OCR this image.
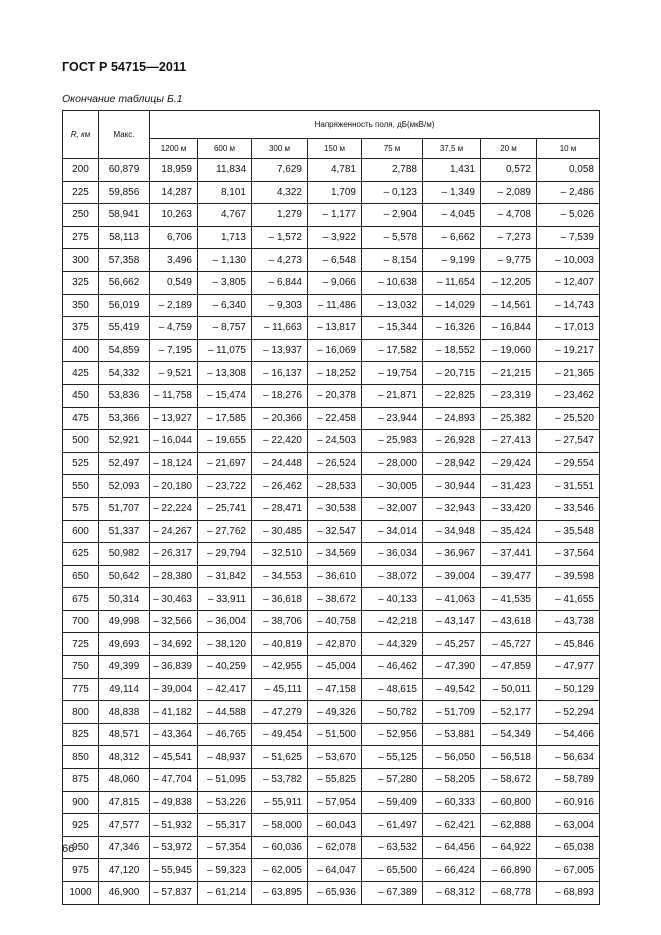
ГОСТ Р 54715—2011
Окончание таблицы Б.1
R, км	Макс.	Напряженность поля, дБ(мкВ/м)							
		1200 м	600 м	300 м	150 м	75 м	37,5 м	20 м	10 м
200	60,879	18,959	11,834	7,629	4,781	2,788	1,431	0,572	0,058
225	59,856	14,287	8,101	4,322	1,709	– 0,123	– 1,349	– 2,089	– 2,486
250	58,941	10,263	4,767	1,279	– 1,177	– 2,904	– 4,045	– 4,708	– 5,026
275	58,113	6,706	1,713	– 1,572	– 3,922	– 5,578	– 6,662	– 7,273	– 7,539
300	57,358	3,496	– 1,130	– 4,273	– 6,548	– 8,154	– 9,199	– 9,775	– 10,003
325	56,662	0,549	– 3,805	– 6,844	– 9,066	– 10,638	– 11,654	– 12,205	– 12,407
350	56,019	– 2,189	– 6,340	– 9,303	– 11,486	– 13,032	– 14,029	– 14,561	– 14,743
375	55,419	– 4,759	– 8,757	– 11,663	– 13,817	– 15,344	– 16,326	– 16,844	– 17,013
400	54,859	– 7,195	– 11,075	– 13,937	– 16,069	– 17,582	– 18,552	– 19,060	– 19,217
425	54,332	– 9,521	– 13,308	– 16,137	– 18,252	– 19,754	– 20,715	– 21,215	– 21,365
450	53,836	– 11,758	– 15,474	– 18,276	– 20,378	– 21,871	– 22,825	– 23,319	– 23,462
475	53,366	– 13,927	– 17,585	– 20,366	– 22,458	– 23,944	– 24,893	– 25,382	– 25,520
500	52,921	– 16,044	– 19,655	– 22,420	– 24,503	– 25,983	– 26,928	– 27,413	– 27,547
525	52,497	– 18,124	– 21,697	– 24,448	– 26,524	– 28,000	– 28,942	– 29,424	– 29,554
550	52,093	– 20,180	– 23,722	– 26,462	– 28,533	– 30,005	– 30,944	– 31,423	– 31,551
575	51,707	– 22,224	– 25,741	– 28,471	– 30,538	– 32,007	– 32,943	– 33,420	– 33,546
600	51,337	– 24,267	– 27,762	– 30,485	– 32,547	– 34,014	– 34,948	– 35,424	– 35,548
625	50,982	– 26,317	– 29,794	– 32,510	– 34,569	– 36,034	– 36,967	– 37,441	– 37,564
650	50,642	– 28,380	– 31,842	– 34,553	– 36,610	– 38,072	– 39,004	– 39,477	– 39,598
675	50,314	– 30,463	– 33,911	– 36,618	– 38,672	– 40,133	– 41,063	– 41,535	– 41,655
700	49,998	– 32,566	– 36,004	– 38,706	– 40,758	– 42,218	– 43,147	– 43,618	– 43,738
725	49,693	– 34,692	– 38,120	– 40,819	– 42,870	– 44,329	– 45,257	– 45,727	– 45,846
750	49,399	– 36,839	– 40,259	– 42,955	– 45,004	– 46,462	– 47,390	– 47,859	– 47,977
775	49,114	– 39,004	– 42,417	– 45,111	– 47,158	– 48,615	– 49,542	– 50,011	– 50,129
800	48,838	– 41,182	– 44,588	– 47,279	– 49,326	– 50,782	– 51,709	– 52,177	– 52,294
825	48,571	– 43,364	– 46,765	– 49,454	– 51,500	– 52,956	– 53,881	– 54,349	– 54,466
850	48,312	– 45,541	– 48,937	– 51,625	– 53,670	– 55,125	– 56,050	– 56,518	– 56,634
875	48,060	– 47,704	– 51,095	– 53,782	– 55,825	– 57,280	– 58,205	– 58,672	– 58,789
900	47,815	– 49,838	– 53,226	– 55,911	– 57,954	– 59,409	– 60,333	– 60,800	– 60,916
925	47,577	– 51,932	– 55,317	– 58,000	– 60,043	– 61,497	– 62,421	– 62,888	– 63,004
950	47,346	– 53,972	– 57,354	– 60,036	– 62,078	– 63,532	– 64,456	– 64,922	– 65,038
975	47,120	– 55,945	– 59,323	– 62,005	– 64,047	– 65,500	– 66,424	– 66,890	– 67,005
1000	46,900	– 57,837	– 61,214	– 63,895	– 65,936	– 67,389	– 68,312	– 68,778	– 68,893
66
